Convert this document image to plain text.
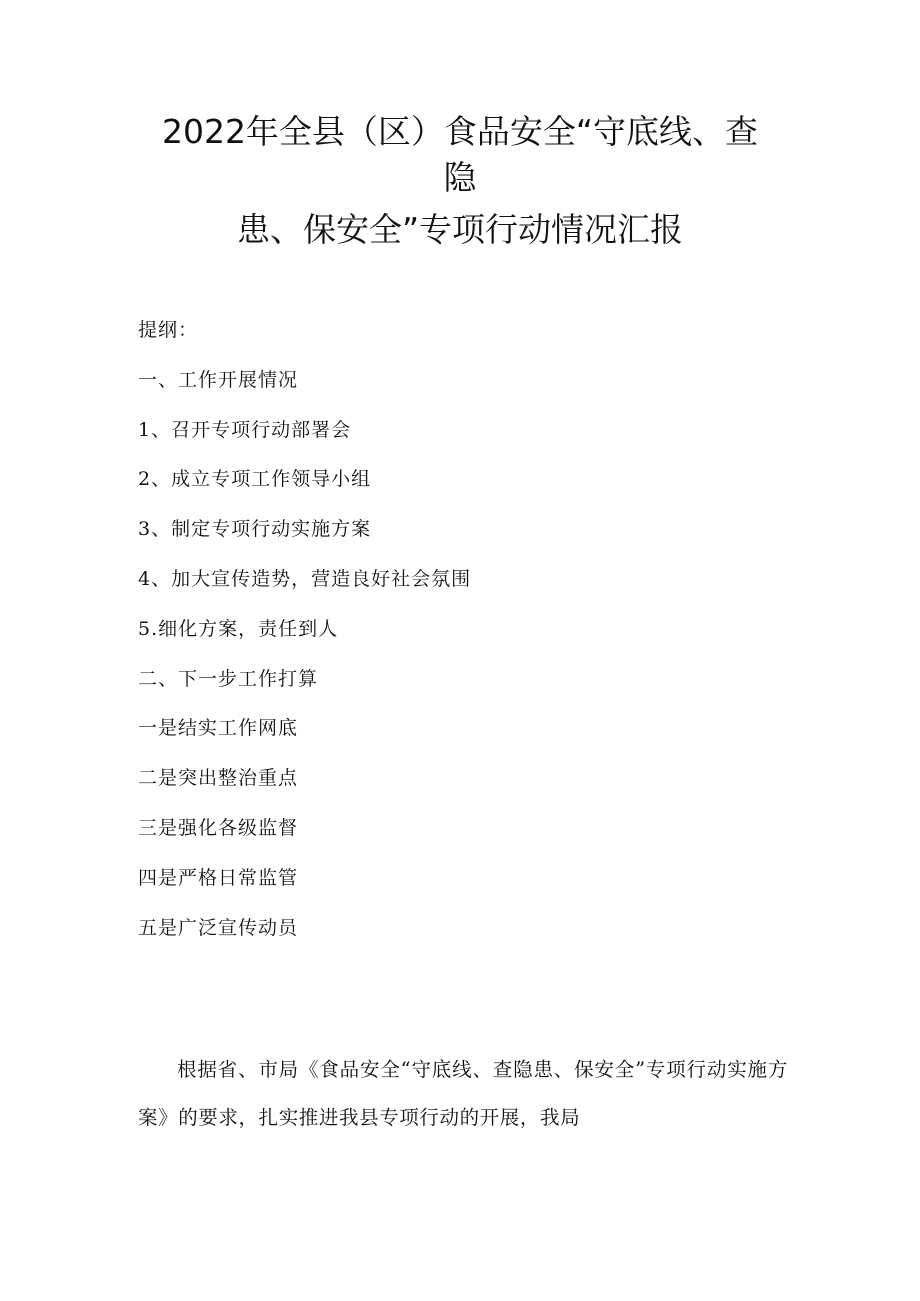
2022年全县（区）食品安全“守底线、查
隐
患、保安全”专项行动情况汇报
提纲：
一、工作开展情况
1、召开专项行动部署会
2、成立专项工作领导小组
3、制定专项行动实施方案
4、加大宣传造势，营造良好社会氛围
5.细化方案，责任到人
二、下一步工作打算
一是结实工作网底
二是突出整治重点
三是强化各级监督
四是严格日常监管
五是广泛宣传动员

根据省、市局《食品安全“守底线、查隐患、保安全”专项行动实施方案》的要求，扎实推进我县专项行动的开展，我局
